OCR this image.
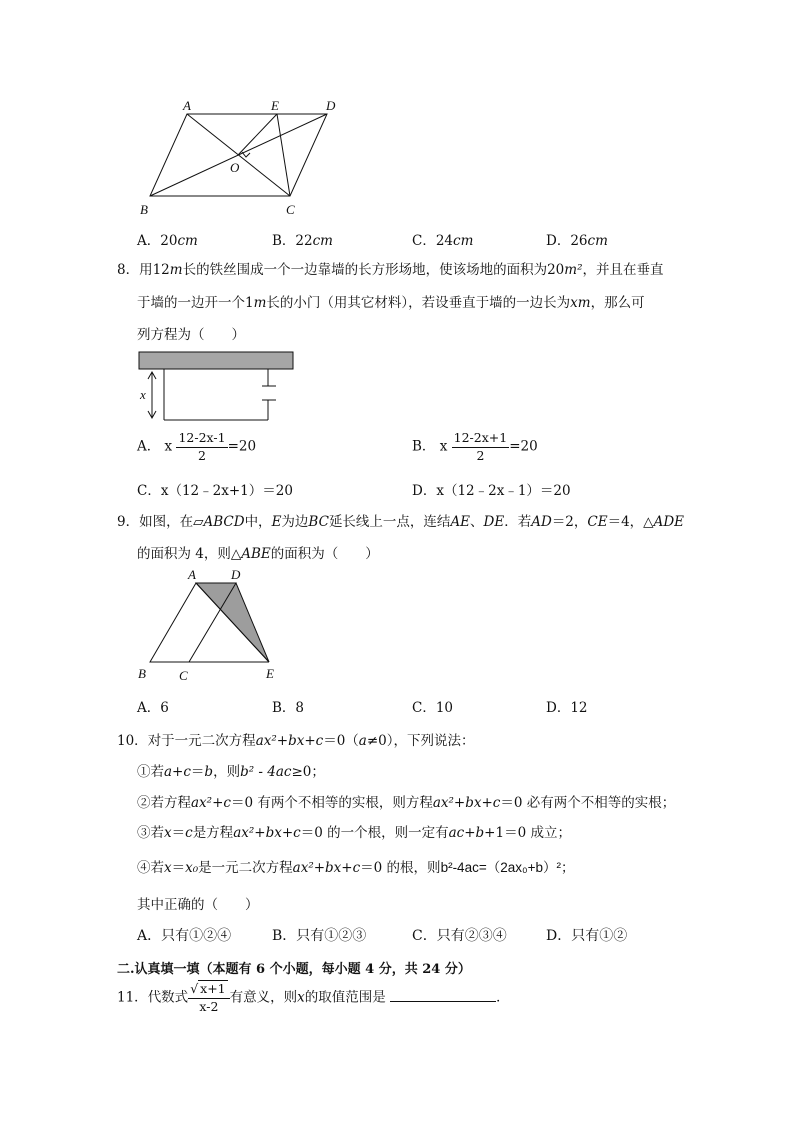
A	E	D
O
B	C
A．20cm	B．22cm	C．24cm	D．26cm
8．用12m长的铁丝围成一个一边靠墙的长方形场地，使该场地的面积为20m²，并且在垂直
于墙的一边开一个1m长的小门（用其它材料），若设垂直于墙的一边长为xm，那么可
列方程为（　　）
x
A． x $\frac{12-2x-1}{2} =20$	B． x $\frac{12-2x+1}{2} =20$
C．x（12﹣2x+1）＝20	D．x（12﹣2x﹣1）＝20
9．如图，在▱ABCD中，E为边BC延长线上一点，连结AE、DE．若AD＝2，CE＝4，△ADE
的面积为 4，则△ABE的面积为（　　）
A	D
B	C	E
A．6	B．8	C．10	D．12
10．对于一元二次方程ax²+bx+c＝0（a≠0），下列说法：
①若a+c＝b，则b² - 4ac≥0；
②若方程ax²+c＝0 有两个不相等的实根，则方程ax²+bx+c＝0 必有两个不相等的实根；
③若x＝c是方程ax²+bx+c＝0 的一个根，则一定有ac+b+1＝0 成立；
④若x＝x₀是一元二次方程ax²+bx+c＝0 的根，则b²-4ac=（2ax₀+b）²；
其中正确的（　　）
A．只有①②④	B．只有①②③	C．只有②③④	D．只有①②
二.认真填一填（本题有 6 个小题，每小题 4 分，共 24 分）
11．代数式 $\frac{√ x+1}{x-2}$ 有意义，则x的取值范围是	．
